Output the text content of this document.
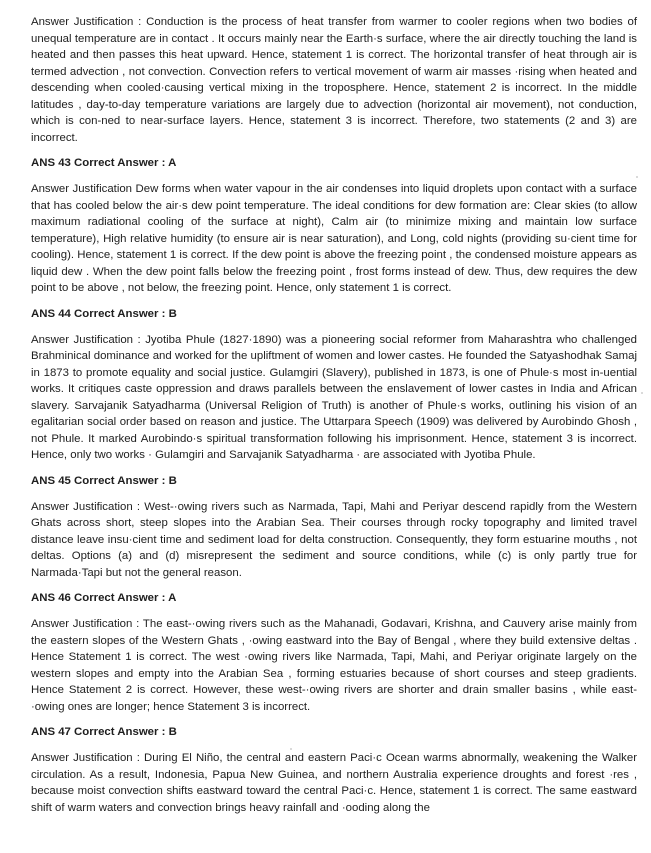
Answer Justification : Conduction is the process of heat transfer from warmer to cooler regions when two bodies of unequal temperature are in contact . It occurs mainly near the Earth·s surface, where the air directly touching the land is heated and then passes this heat upward. Hence, statement 1 is correct. The horizontal transfer of heat through air is termed advection , not convection. Convection refers to vertical movement of warm air masses ·rising when heated and descending when cooled·causing vertical mixing in the troposphere. Hence, statement 2 is incorrect. In the middle latitudes , day-to-day temperature variations are largely due to advection (horizontal air movement), not conduction, which is con-ned to near-surface layers. Hence, statement 3 is incorrect. Therefore, two statements (2 and 3) are incorrect.

ANS 43 Correct Answer : A

Answer Justification Dew forms when water vapour in the air condenses into liquid droplets upon contact with a surface that has cooled below the air·s dew point temperature. The ideal conditions for dew formation are: Clear skies (to allow maximum radiational cooling of the surface at night), Calm air (to minimize mixing and maintain low surface temperature), High relative humidity (to ensure air is near saturation), and Long, cold nights (providing su·cient time for cooling). Hence, statement 1 is correct. If the dew point is above the freezing point , the condensed moisture appears as liquid dew . When the dew point falls below the freezing point , frost forms instead of dew. Thus, dew requires the dew point to be above , not below, the freezing point. Hence, only statement 1 is correct.

ANS 44 Correct Answer : B

Answer Justification : Jyotiba Phule (1827·1890) was a pioneering social reformer from Maharashtra who challenged Brahminical dominance and worked for the upliftment of women and lower castes. He founded the Satyashodhak Samaj in 1873 to promote equality and social justice. Gulamgiri (Slavery), published in 1873, is one of Phule·s most in-uential works. It critiques caste oppression and draws parallels between the enslavement of lower castes in India and African slavery. Sarvajanik Satyadharma (Universal Religion of Truth) is another of Phule·s works, outlining his vision of an egalitarian social order based on reason and justice. The Uttarpara Speech (1909) was delivered by Aurobindo Ghosh , not Phule. It marked Aurobindo·s spiritual transformation following his imprisonment. Hence, statement 3 is incorrect. Hence, only two works · Gulamgiri and Sarvajanik Satyadharma · are associated with Jyotiba Phule.

ANS 45 Correct Answer : B

Answer Justification : West-·owing rivers such as Narmada, Tapi, Mahi and Periyar descend rapidly from the Western Ghats across short, steep slopes into the Arabian Sea. Their courses through rocky topography and limited travel distance leave insu·cient time and sediment load for delta construction. Consequently, they form estuarine mouths , not deltas. Options (a) and (d) misrepresent the sediment and source conditions, while (c) is only partly true for Narmada·Tapi but not the general reason.

ANS 46 Correct Answer : A

Answer Justification : The east-·owing rivers such as the Mahanadi, Godavari, Krishna, and Cauvery arise mainly from the eastern slopes of the Western Ghats , ·owing eastward into the Bay of Bengal , where they build extensive deltas . Hence Statement 1 is correct. The west ·owing rivers like Narmada, Tapi, Mahi, and Periyar originate largely on the western slopes and empty into the Arabian Sea , forming estuaries because of short courses and steep gradients. Hence Statement 2 is correct. However, these west-·owing rivers are shorter and drain smaller basins , while east-·owing ones are longer; hence Statement 3 is incorrect.

ANS 47 Correct Answer : B

Answer Justification : During El Niño, the central and eastern Paci·c Ocean warms abnormally, weakening the Walker circulation. As a result, Indonesia, Papua New Guinea, and northern Australia experience droughts and forest ·res , because moist convection shifts eastward toward the central Paci·c. Hence, statement 1 is correct. The same eastward shift of warm waters and convection brings heavy rainfall and ·ooding along the
